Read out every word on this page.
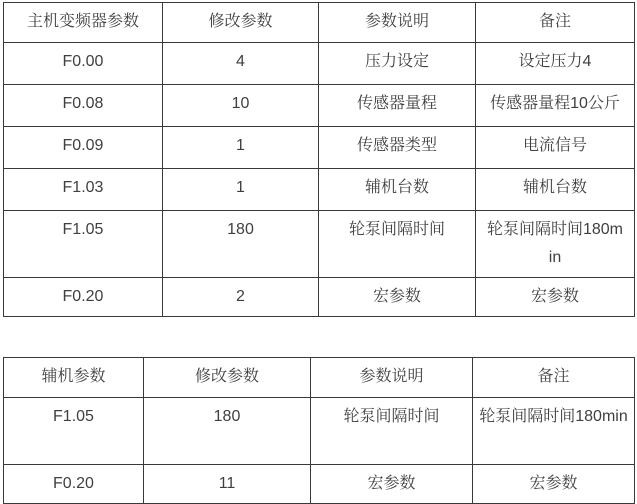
主机变频器参数	修改参数	参数说明	备注
F0.00	4	压力设定	设定压力4
F0.08	10	传感器量程	传感器量程10公斤
F0.09	1	传感器类型	电流信号
F1.03	1	辅机台数	辅机台数
F1.05	180	轮泵间隔时间	轮泵间隔时间180min
F0.20	2	宏参数	宏参数
辅机参数	修改参数	参数说明	备注
F1.05	180	轮泵间隔时间	轮泵间隔时间180min
F0.20	11	宏参数	宏参数
